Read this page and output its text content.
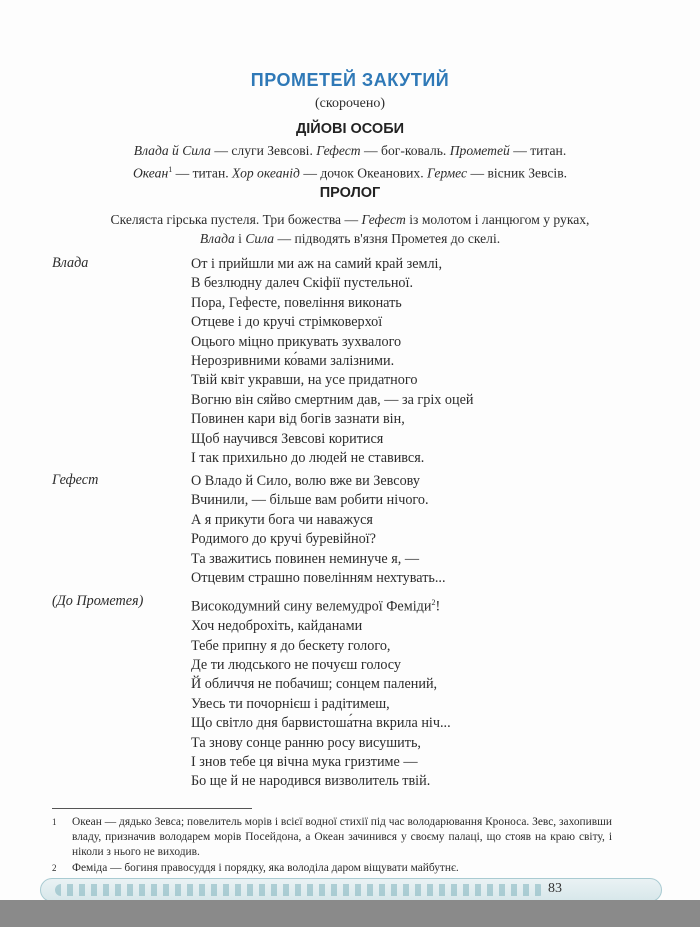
ПРОМЕТЕЙ ЗАКУТИЙ
(скорочено)
ДІЙОВІ ОСОБИ
Влада й Сила — слуги Зевсові. Гефест — бог-коваль. Прометей — титан.
Океан$^1$ — титан. Хор океанід — дочок Океанових. Гермес — вісник Зевсів.
ПРОЛОГ
Скеляста гірська пустеля. Три божества — Гефест із молотом і ланцюгом у руках,
Влада і Сила — підводять в'язня Прометея до скелі.
Влада	От і прийшли ми аж на самий край землі,
В безлюдну далеч Скіфії пустельної.
Пора, Гефесте, повеління виконать
Отцеве і до кручі стрімковерхої
Оцього міцно прикувать зухвалого
Нерозривними ко́вами залізними.
Твій квіт укравши, на усе придатного
Вогню він сяйво смертним дав, — за гріх оцей
Повинен кари від богів зазнати він,
Щоб научився Зевсові коритися
І так прихильно до людей не ставився.
Гефест	О Владо й Сило, волю вже ви Зевсову
Вчинили, — більше вам робити нічого.
А я прикути бога чи наважуся
Родимого до кручі буревійної?
Та зважитись повинен неминуче я, —
Отцевим страшно повелінням нехтувать...
(До Прометея)	Високодумний сину велемудрої Феміди$^2$!
Хоч недоброхіть, кайданами
Тебе припну я до бескету голого,
Де ти людського не почуєш голосу
Й обличчя не побачиш; сонцем палений,
Увесь ти почорнієш і радітимеш,
Що світло дня барвистоша́тна вкрила ніч...
Та знову сонце ранню росу висушить,
І знов тебе ця вічна мука гризтиме —
Бо ще й не народився визволитель твій.
1 Океан — дядько Зевса; повелитель морів і всієї водної стихії під час володарювання Кроноса. Зевс, захопивши владу, призначив володарем морів Посейдона, а Океан зачинився у своєму палаці, що стояв на краю світу, і ніколи з нього не виходив.
2 Феміда — богиня правосуддя і порядку, яка володіла даром віщувати майбутнє.
83
